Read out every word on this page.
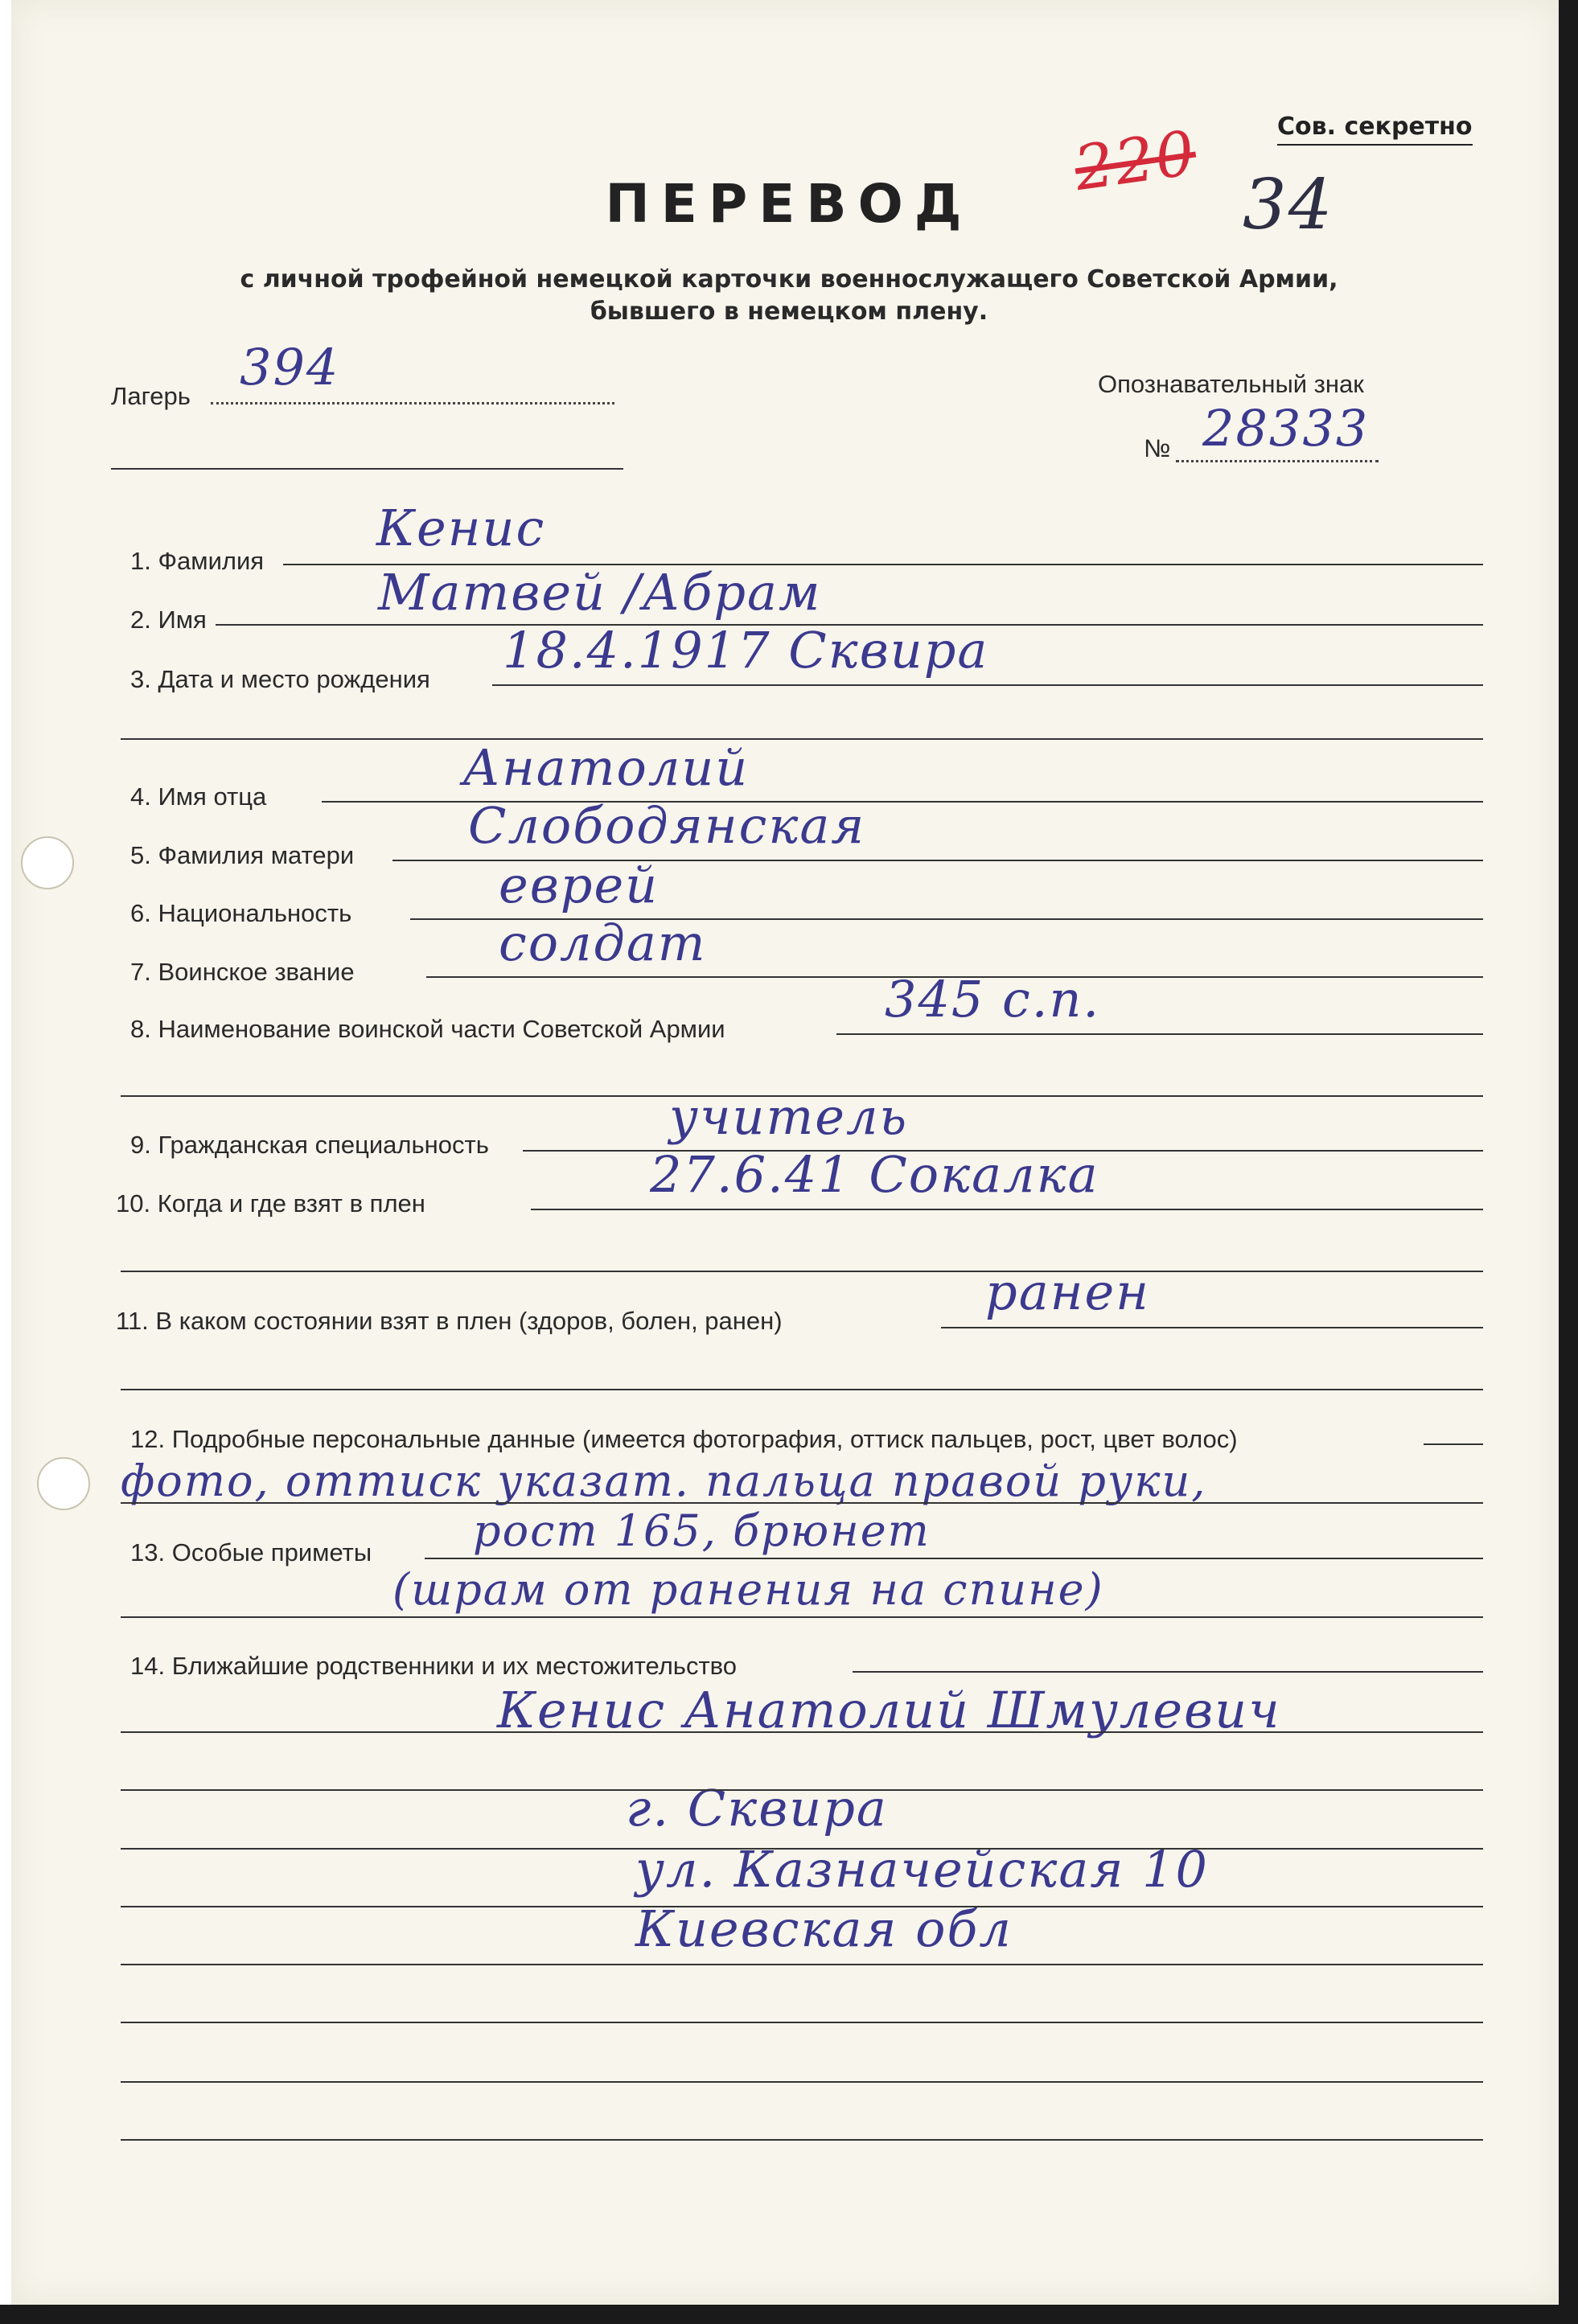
Сов. секретно
220
34
ПЕРЕВОД
с личной трофейной немецкой карточки военнослужащего Советской Армии,
бывшего в немецком плену.
Лагерь 394	Опознавательный знак
№ 28333
1. Фамилия
Кенис
2. Имя	Матвей /Абрам
3. Дата и место рождения 18.4.1917 Сквира
4. Имя отца	Анатолий
5. Фамилия матери
Слободянская
6. Национальность	еврей
7. Воинское звание	солдат
8. Наименование воинской части Советской Армии
345 с.п.
9. Гражданская специальность	учитель
10. Когда и где взят в плен	27.6.41 Сокалка
11. В каком состоянии взят в плен (здоров, болен, ранен)	ранен
12. Подробные персональные данные (имеется фотография, оттиск пальцев, рост, цвет волос)
фото, оттиск указат. пальца правой руки,
13. Особые приметы рост 165, брюнет
(шрам от ранения на спине)
14. Ближайшие родственники и их местожительство
Кенис Анатолий Шмулевич
г. Сквира
ул. Казначейская 10
Киевская обл
